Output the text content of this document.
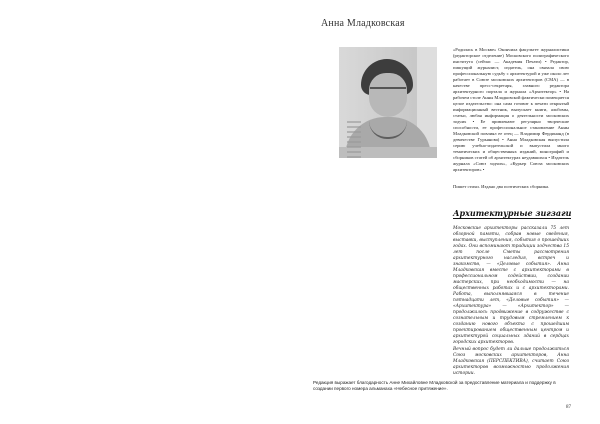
Анна Младковская

«Родилась в Москве» Окончила факультет журналистики (редакторское отделение) Московского полиграфического института (сейчас — Академия Печати) • Редактор, пишущий журналист, издатель, она связала свою профессиональную судьбу с архитектурой и уже около лет работает в Союзе московских архитекторов (СМА) — в качестве пресс-секретаря, главного редактора архитектурного портала и журнала «Архитектор» • На рабочем столе Анны Младковской фактически помещается целое издательство: она сама готовит к печати открытый информационный вестник, выпускает книги, альбомы, статьи, любая информация о деятельности московских зодчих • Ее привлекают регулярно творческие способности, ее профессиональное становление Анны Младковской повлиял ее отец — Владимир Фердинанд (в девичестве Гурьянова) • Анна Младковская выпустила серию учебно-издательской и выпустила много тематических и общественных изданий, монографий и сборников статей об архитектурах неудавшихся • Издатель журнала «Союз зодчих», «Курьер Союза московских архитекторов» •

Пишет стихи. Издано два поэтических сборника.
Архитектурные зигзаги

Московские архитекторы рассказали 75 лет обзорной памяти, собрав новые сведения, выставки, выступления, события о прошедших годах. Они вспоминают традиции зодчества 15 лет после Сметы рассмотрения архитектурного наследия, встреч и знакомств, — «Деловые события». Анна Младковская вместе с архитекторами в профессиональном содействии, создании мастерских, при необходимости — на общественных работах и с архитекторами. Работа, выполнявшаяся в течение пятнадцати лет, «Деловые события» — «Архитектура» — «Архитектор» — продолжалось продвижение в содружестве с сознательным и трудовым стремлением к созданию нового объекта с прошедшим проектированием общественным центром и архитектурой социальных зданий в сердцах городских архитекторов.

Вечный вопрос будет ли дальше продолжаться Союз московских архитекторов, Анна Младковская (ПЕРСПЕКТИВА), считает Союз архитекторов возможностью продолжения истории.

Редакция выражает благодарность Анне Михайловне Младковской за предоставление материала и поддержку в создании первого номера альманаха «Небесное притяжение».
87
